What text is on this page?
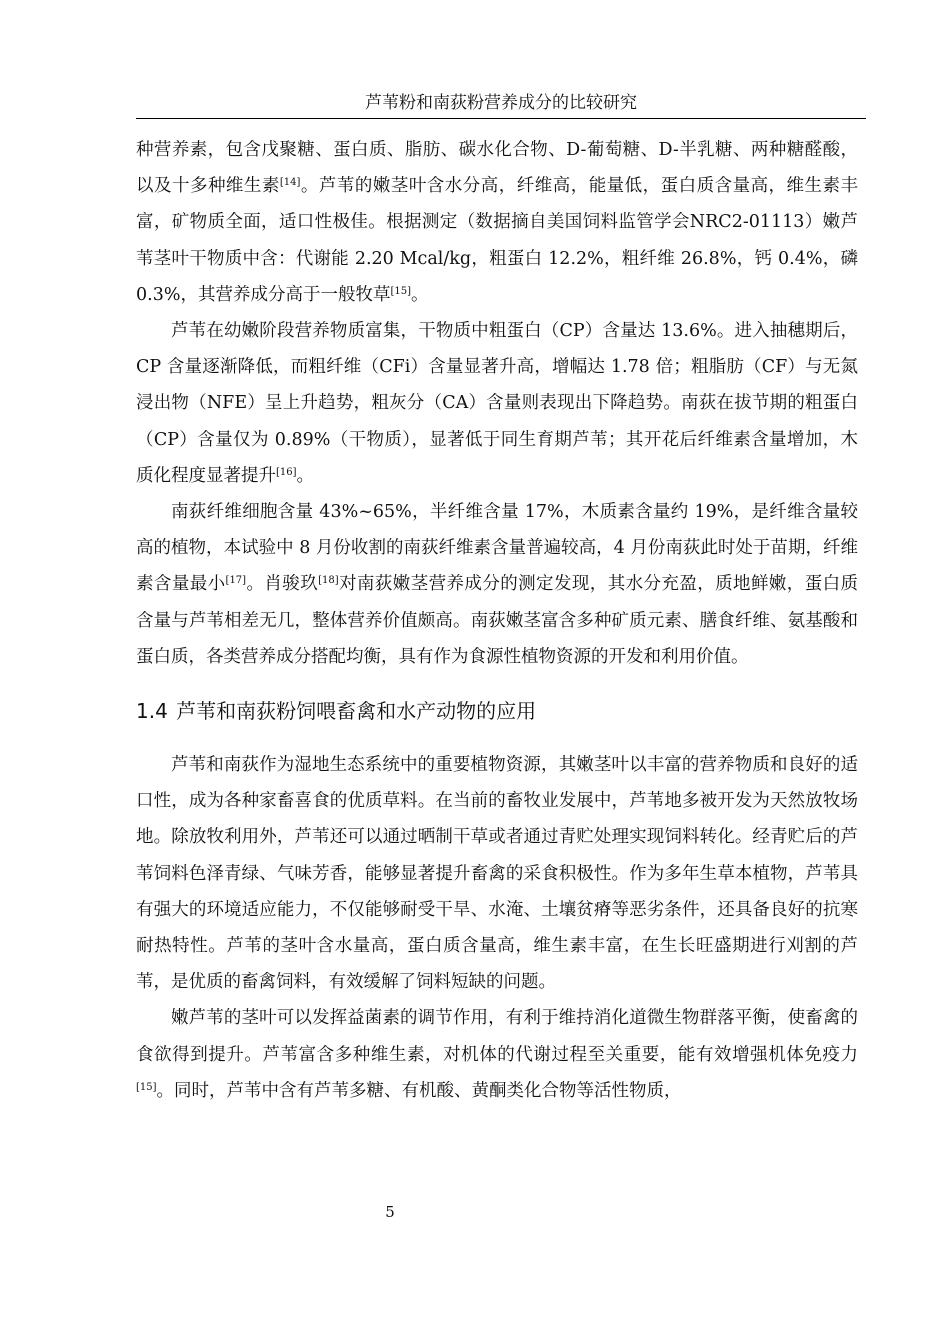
芦苇粉和南荻粉营养成分的比较研究

种营养素，包含戊聚糖、蛋白质、脂肪、碳水化合物、D-葡萄糖、D-半乳糖、两种糖醛酸，以及十多种维生素[14]。芦苇的嫩茎叶含水分高，纤维高，能量低，蛋白质含量高，维生素丰富，矿物质全面，适口性极佳。根据测定（数据摘自美国饲料监管学会NRC2-01113）嫩芦苇茎叶干物质中含：代谢能 2.20 Mcal/kg，粗蛋白 12.2%，粗纤维 26.8%，钙 0.4%，磷 0.3%，其营养成分高于一般牧草[15]。

芦苇在幼嫩阶段营养物质富集，干物质中粗蛋白（CP）含量达 13.6%。进入抽穗期后，CP 含量逐渐降低，而粗纤维（CFi）含量显著升高，增幅达 1.78 倍；粗脂肪（CF）与无氮浸出物（NFE）呈上升趋势，粗灰分（CA）含量则表现出下降趋势。南荻在拔节期的粗蛋白（CP）含量仅为 0.89%（干物质），显著低于同生育期芦苇；其开花后纤维素含量增加，木质化程度显著提升[16]。

南荻纤维细胞含量 43%~65%，半纤维含量 17%，木质素含量约 19%，是纤维含量较高的植物，本试验中 8 月份收割的南荻纤维素含量普遍较高，4 月份南荻此时处于苗期，纤维素含量最小[17]。肖骏玖[18]对南荻嫩茎营养成分的测定发现，其水分充盈，质地鲜嫩，蛋白质含量与芦苇相差无几，整体营养价值颇高。南荻嫩茎富含多种矿质元素、膳食纤维、氨基酸和蛋白质，各类营养成分搭配均衡，具有作为食源性植物资源的开发和利用价值。

1.4 芦苇和南荻粉饲喂畜禽和水产动物的应用

芦苇和南荻作为湿地生态系统中的重要植物资源，其嫩茎叶以丰富的营养物质和良好的适口性，成为各种家畜喜食的优质草料。在当前的畜牧业发展中，芦苇地多被开发为天然放牧场地。除放牧利用外，芦苇还可以通过晒制干草或者通过青贮处理实现饲料转化。经青贮后的芦苇饲料色泽青绿、气味芳香，能够显著提升畜禽的采食积极性。作为多年生草本植物，芦苇具有强大的环境适应能力，不仅能够耐受干旱、水淹、土壤贫瘠等恶劣条件，还具备良好的抗寒耐热特性。芦苇的茎叶含水量高，蛋白质含量高，维生素丰富，在生长旺盛期进行刈割的芦苇，是优质的畜禽饲料，有效缓解了饲料短缺的问题。

嫩芦苇的茎叶可以发挥益菌素的调节作用，有利于维持消化道微生物群落平衡，使畜禽的食欲得到提升。芦苇富含多种维生素，对机体的代谢过程至关重要，能有效增强机体免疫力[15]。同时，芦苇中含有芦苇多糖、有机酸、黄酮类化合物等活性物质，

5
